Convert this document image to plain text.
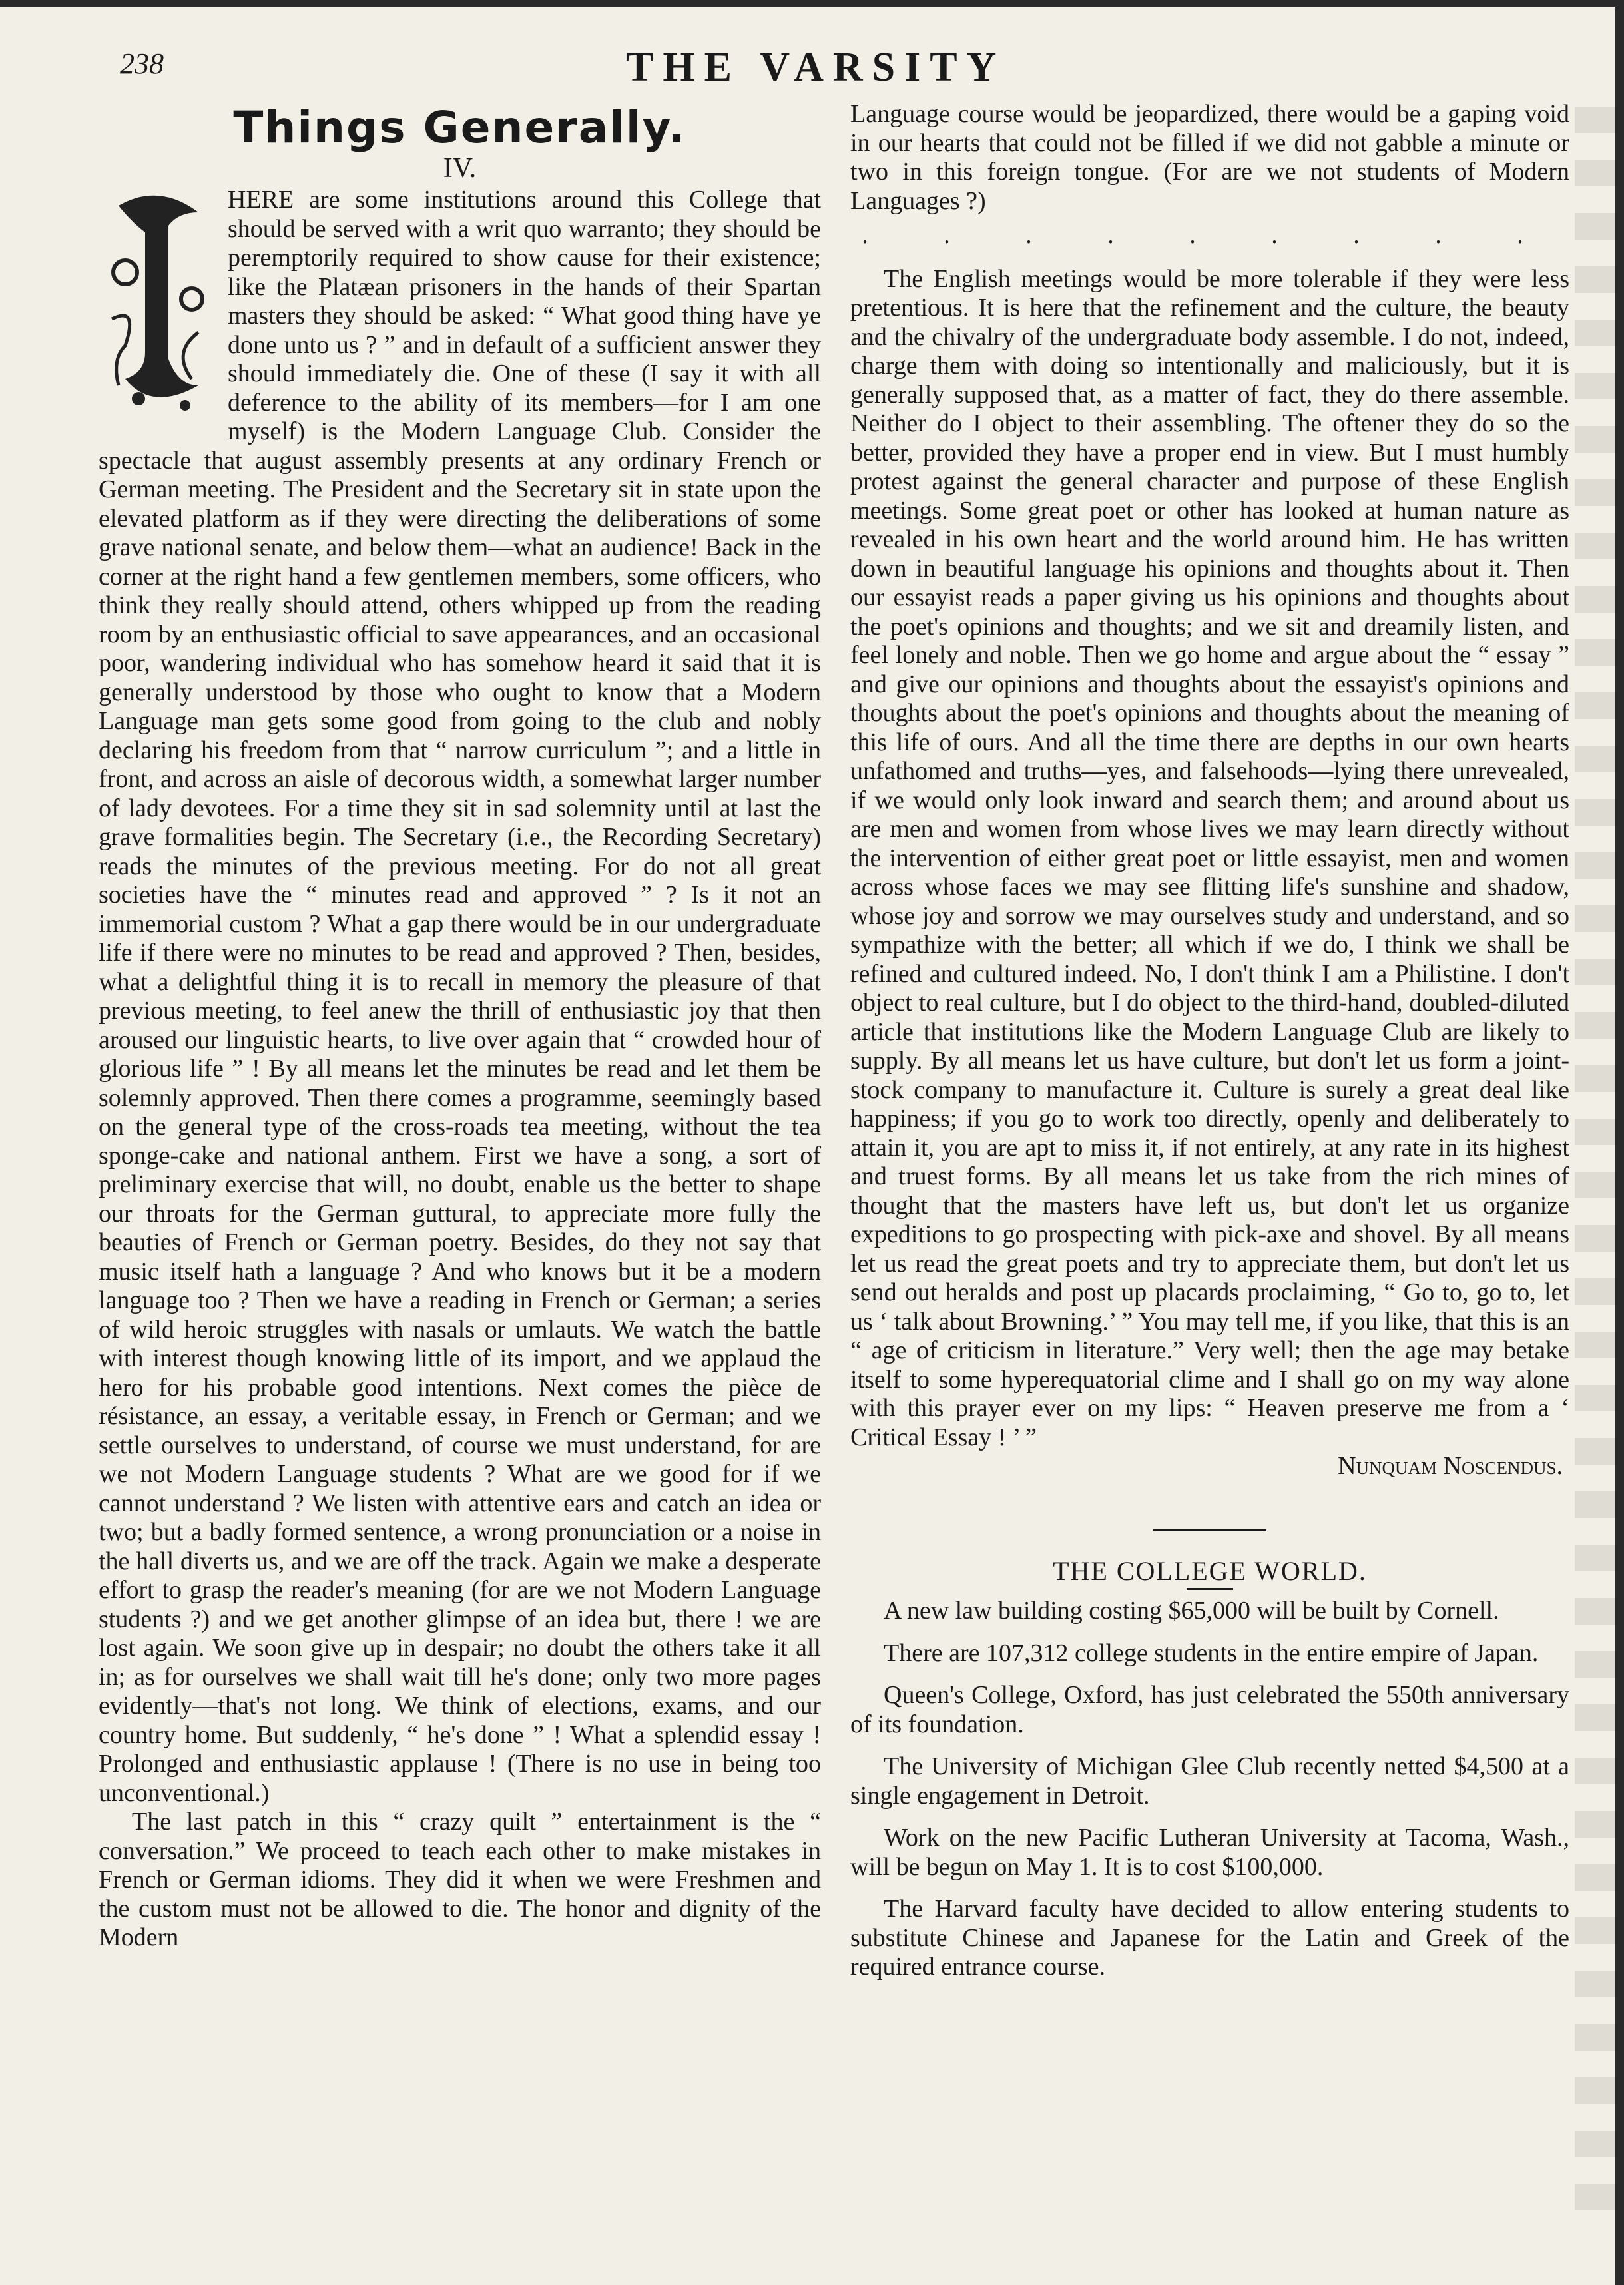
238	THE VARSITY
Things Generally.
IV.

HERE are some institutions around this College that should be served with a writ quo warranto; they should be peremptorily required to show cause for their existence; like the Platæan prisoners in the hands of their Spartan masters they should be asked: “ What good thing have ye done unto us ? ” and in default of a sufficient answer they should immediately die. One of these (I say it with all deference to the ability of its members—for I am one myself) is the Modern Language Club. Consider the spectacle that august assembly presents at any ordinary French or German meeting. The President and the Secretary sit in state upon the elevated platform as if they were directing the deliberations of some grave national senate, and below them—what an audience! Back in the corner at the right hand a few gentlemen members, some officers, who think they really should attend, others whipped up from the reading room by an enthusiastic official to save appearances, and an occasional poor, wandering individual who has somehow heard it said that it is generally understood by those who ought to know that a Modern Language man gets some good from going to the club and nobly declaring his freedom from that “ narrow curriculum ”; and a little in front, and across an aisle of decorous width, a somewhat larger number of lady devotees. For a time they sit in sad solemnity until at last the grave formalities begin. The Secretary (i.e., the Recording Secretary) reads the minutes of the previous meeting. For do not all great societies have the “ minutes read and approved ” ? Is it not an immemorial custom ? What a gap there would be in our undergraduate life if there were no minutes to be read and approved ? Then, besides, what a delightful thing it is to recall in memory the pleasure of that previous meeting, to feel anew the thrill of enthusiastic joy that then aroused our linguistic hearts, to live over again that “ crowded hour of glorious life ” ! By all means let the minutes be read and let them be solemnly approved. Then there comes a programme, seemingly based on the general type of the cross-roads tea meeting, without the tea sponge-cake and national anthem. First we have a song, a sort of preliminary exercise that will, no doubt, enable us the better to shape our throats for the German guttural, to appreciate more fully the beauties of French or German poetry. Besides, do they not say that music itself hath a language ? And who knows but it be a modern language too ? Then we have a reading in French or German; a series of wild heroic struggles with nasals or umlauts. We watch the battle with interest though knowing little of its import, and we applaud the hero for his probable good intentions. Next comes the pièce de résistance, an essay, a veritable essay, in French or German; and we settle ourselves to understand, of course we must understand, for are we not Modern Language students ? What are we good for if we cannot understand ? We listen with attentive ears and catch an idea or two; but a badly formed sentence, a wrong pronunciation or a noise in the hall diverts us, and we are off the track. Again we make a desperate effort to grasp the reader's meaning (for are we not Modern Language students ?) and we get another glimpse of an idea but, there ! we are lost again. We soon give up in despair; no doubt the others take it all in; as for ourselves we shall wait till he's done; only two more pages evidently—that's not long. We think of elections, exams, and our country home. But suddenly, “ he's done ” ! What a splendid essay ! Prolonged and enthusiastic applause ! (There is no use in being too unconventional.)

The last patch in this “ crazy quilt ” entertainment is the “ conversation.” We proceed to teach each other to make mistakes in French or German idioms. They did it when we were Freshmen and the custom must not be allowed to die. The honor and dignity of the Modern

Language course would be jeopardized, there would be a gaping void in our hearts that could not be filled if we did not gabble a minute or two in this foreign tongue. (For are we not students of Modern Languages ?)

. . . . . . . . .

The English meetings would be more tolerable if they were less pretentious. It is here that the refinement and the culture, the beauty and the chivalry of the undergraduate body assemble. I do not, indeed, charge them with doing so intentionally and maliciously, but it is generally supposed that, as a matter of fact, they do there assemble. Neither do I object to their assembling. The oftener they do so the better, provided they have a proper end in view. But I must humbly protest against the general character and purpose of these English meetings. Some great poet or other has looked at human nature as revealed in his own heart and the world around him. He has written down in beautiful language his opinions and thoughts about it. Then our essayist reads a paper giving us his opinions and thoughts about the poet's opinions and thoughts; and we sit and dreamily listen, and feel lonely and noble. Then we go home and argue about the “ essay ” and give our opinions and thoughts about the essayist's opinions and thoughts about the poet's opinions and thoughts about the meaning of this life of ours. And all the time there are depths in our own hearts unfathomed and truths—yes, and falsehoods—lying there unrevealed, if we would only look inward and search them; and around about us are men and women from whose lives we may learn directly without the intervention of either great poet or little essayist, men and women across whose faces we may see flitting life's sunshine and shadow, whose joy and sorrow we may ourselves study and understand, and so sympathize with the better; all which if we do, I think we shall be refined and cultured indeed. No, I don't think I am a Philistine. I don't object to real culture, but I do object to the third-hand, doubled-diluted article that institutions like the Modern Language Club are likely to supply. By all means let us have culture, but don't let us form a joint-stock company to manufacture it. Culture is surely a great deal like happiness; if you go to work too directly, openly and deliberately to attain it, you are apt to miss it, if not entirely, at any rate in its highest and truest forms. By all means let us take from the rich mines of thought that the masters have left us, but don't let us organize expeditions to go prospecting with pick-axe and shovel. By all means let us read the great poets and try to appreciate them, but don't let us send out heralds and post up placards proclaiming, “ Go to, go to, let us ‘ talk about Browning.’ ” You may tell me, if you like, that this is an “ age of criticism in literature.” Very well; then the age may betake itself to some hyperequatorial clime and I shall go on my way alone with this prayer ever on my lips: “ Heaven preserve me from a ‘ Critical Essay ! ’ ”

Nunquam Noscendus.
THE COLLEGE WORLD.

A new law building costing $65,000 will be built by Cornell.

There are 107,312 college students in the entire empire of Japan.

Queen's College, Oxford, has just celebrated the 550th anniversary of its foundation.

The University of Michigan Glee Club recently netted $4,500 at a single engagement in Detroit.

Work on the new Pacific Lutheran University at Tacoma, Wash., will be begun on May 1. It is to cost $100,000.

The Harvard faculty have decided to allow entering students to substitute Chinese and Japanese for the Latin and Greek of the required entrance course.
